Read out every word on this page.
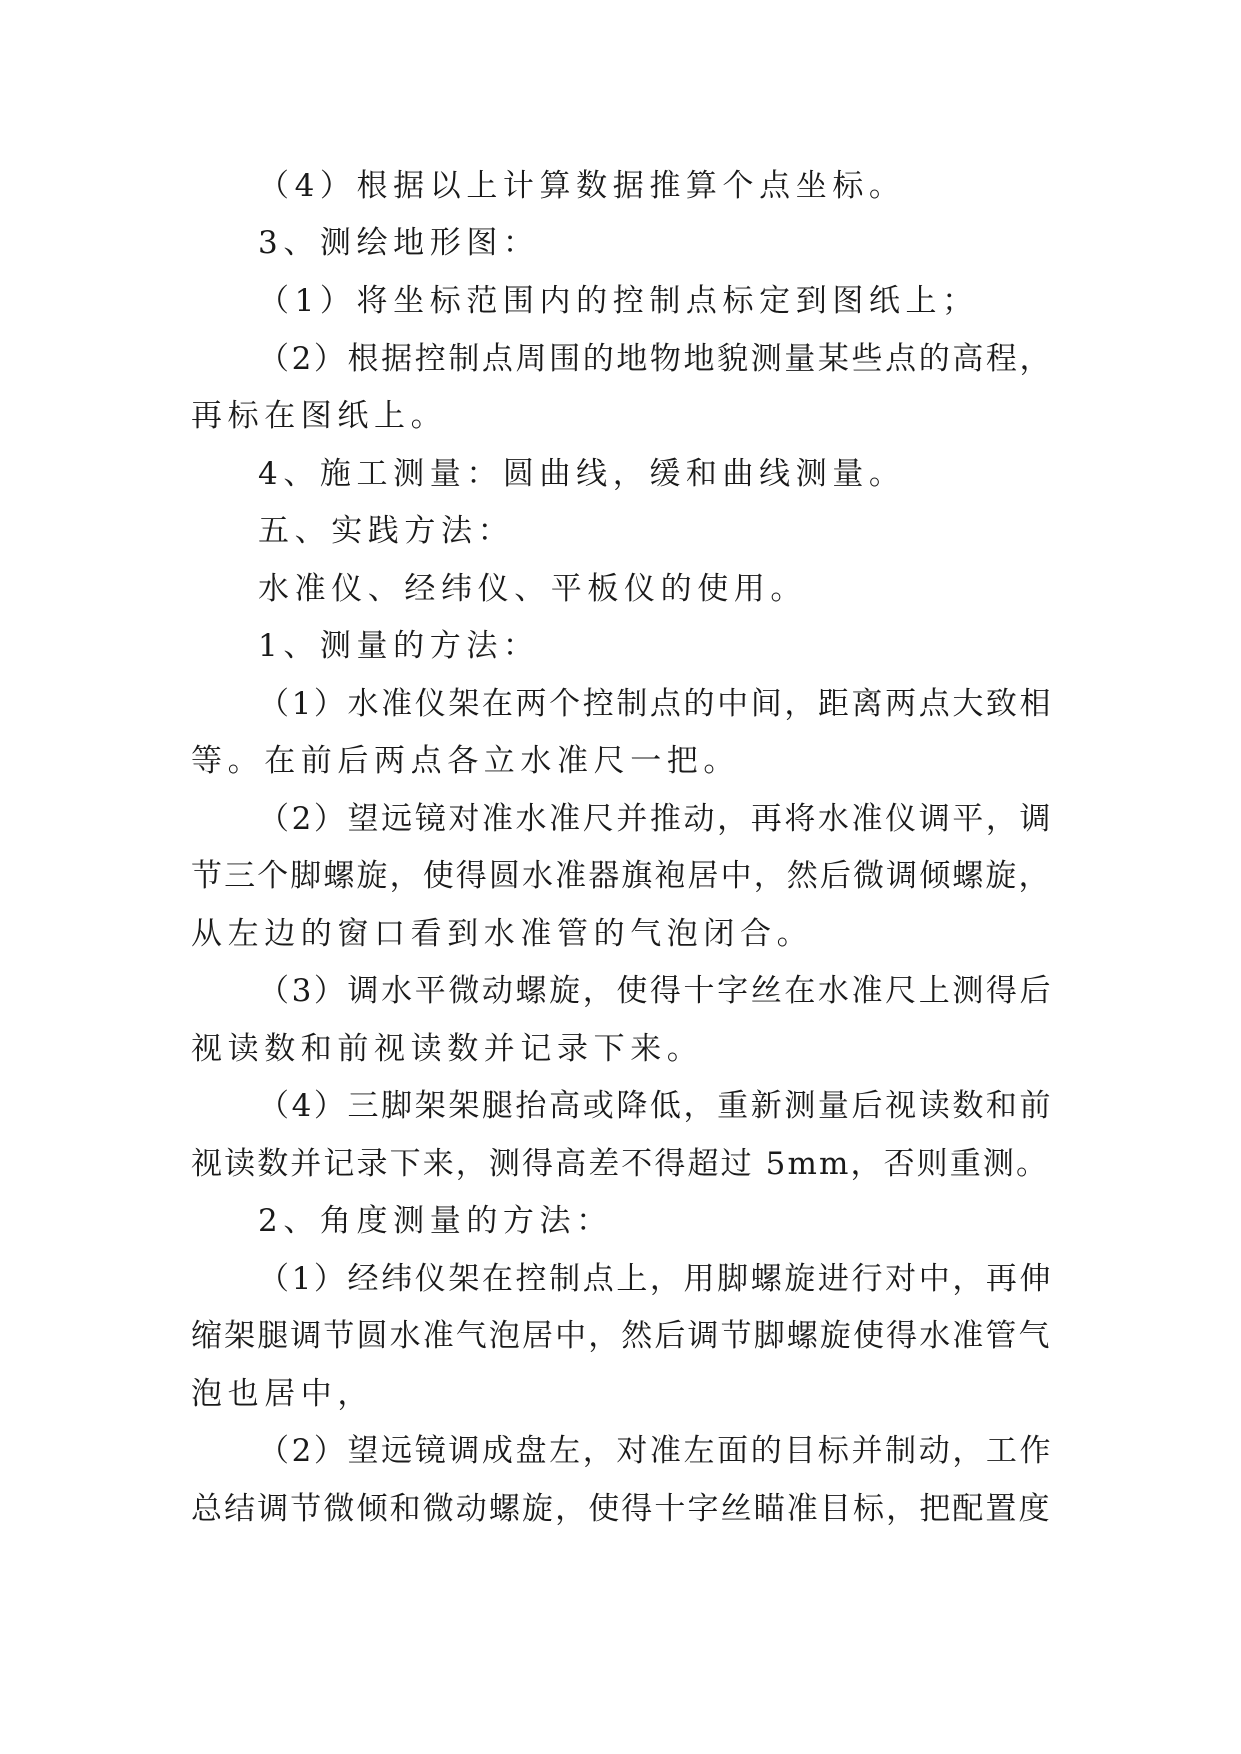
（4）根据以上计算数据推算个点坐标。

3、测绘地形图：

（1）将坐标范围内的控制点标定到图纸上；

（2）根据控制点周围的地物地貌测量某些点的高程，

再标在图纸上。

4、施工测量：圆曲线，缓和曲线测量。

五、实践方法：

水准仪、经纬仪、平板仪的使用。

1、测量的方法：

（1）水准仪架在两个控制点的中间，距离两点大致相

等。在前后两点各立水准尺一把。

（2）望远镜对准水准尺并推动，再将水准仪调平，调

节三个脚螺旋，使得圆水准器旗袍居中，然后微调倾螺旋，

从左边的窗口看到水准管的气泡闭合。

（3）调水平微动螺旋，使得十字丝在水准尺上测得后

视读数和前视读数并记录下来。

（4）三脚架架腿抬高或降低，重新测量后视读数和前

视读数并记录下来，测得高差不得超过 5mm，否则重测。

2、角度测量的方法：

（1）经纬仪架在控制点上，用脚螺旋进行对中，再伸

缩架腿调节圆水准气泡居中，然后调节脚螺旋使得水准管气

泡也居中，

（2）望远镜调成盘左，对准左面的目标并制动，工作

总结调节微倾和微动螺旋，使得十字丝瞄准目标，把配置度
